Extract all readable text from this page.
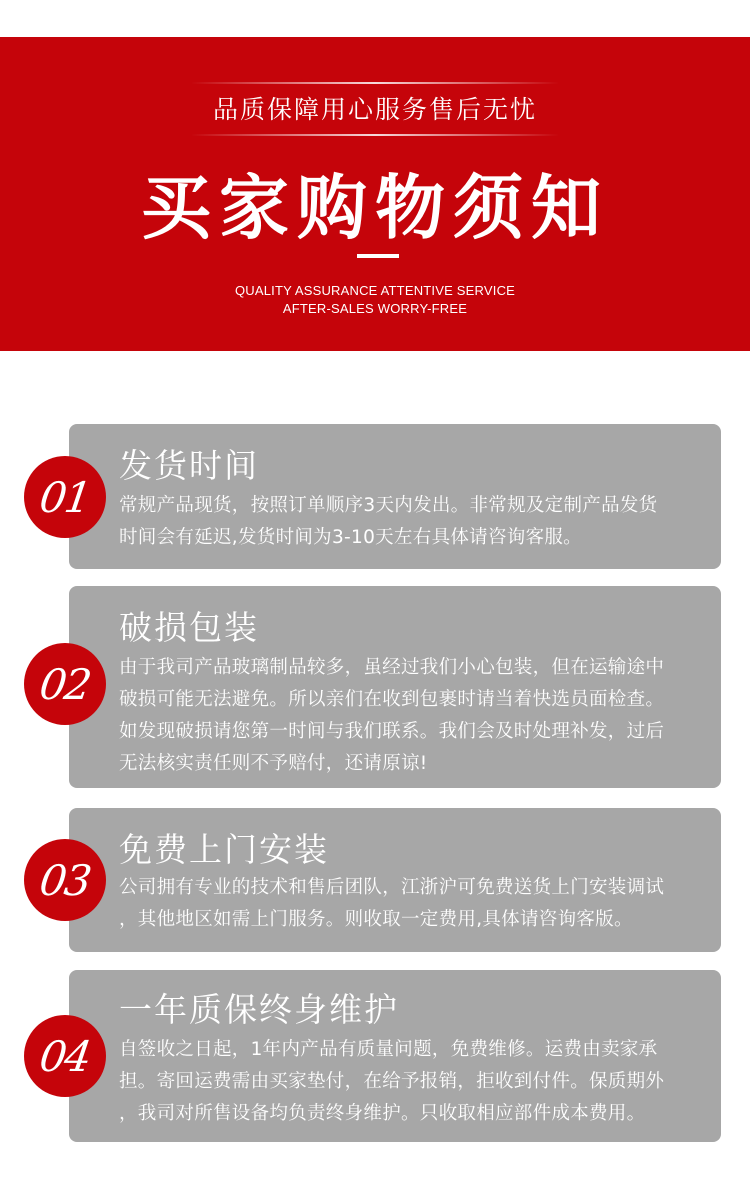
品质保障用心服务售后无忧
买家购物须知
QUALITY ASSURANCE ATTENTIVE SERVICE
AFTER-SALES WORRY-FREE
发货时间
常规产品现货，按照订单顺序3天内发出。非常规及定制产品发货
时间会有延迟,发货时间为3-10天左右具体请咨询客服。
01
破损包装
由于我司产品玻璃制品较多，虽经过我们小心包装，但在运输途中
破损可能无法避免。所以亲们在收到包裹时请当着快选员面检查。
如发现破损请您第一时间与我们联系。我们会及时处理补发，过后
无法核实责任则不予赔付，还请原谅!
02
免费上门安装
公司拥有专业的技术和售后团队，江浙沪可免费送货上门安装调试
，其他地区如需上门服务。则收取一定费用,具体请咨询客版。
03
一年质保终身维护
自签收之日起，1年内产品有质量问题，免费维修。运费由卖家承
担。寄回运费需由买家垫付，在给予报销，拒收到付件。保质期外
，我司对所售设备均负责终身维护。只收取相应部件成本费用。
04
